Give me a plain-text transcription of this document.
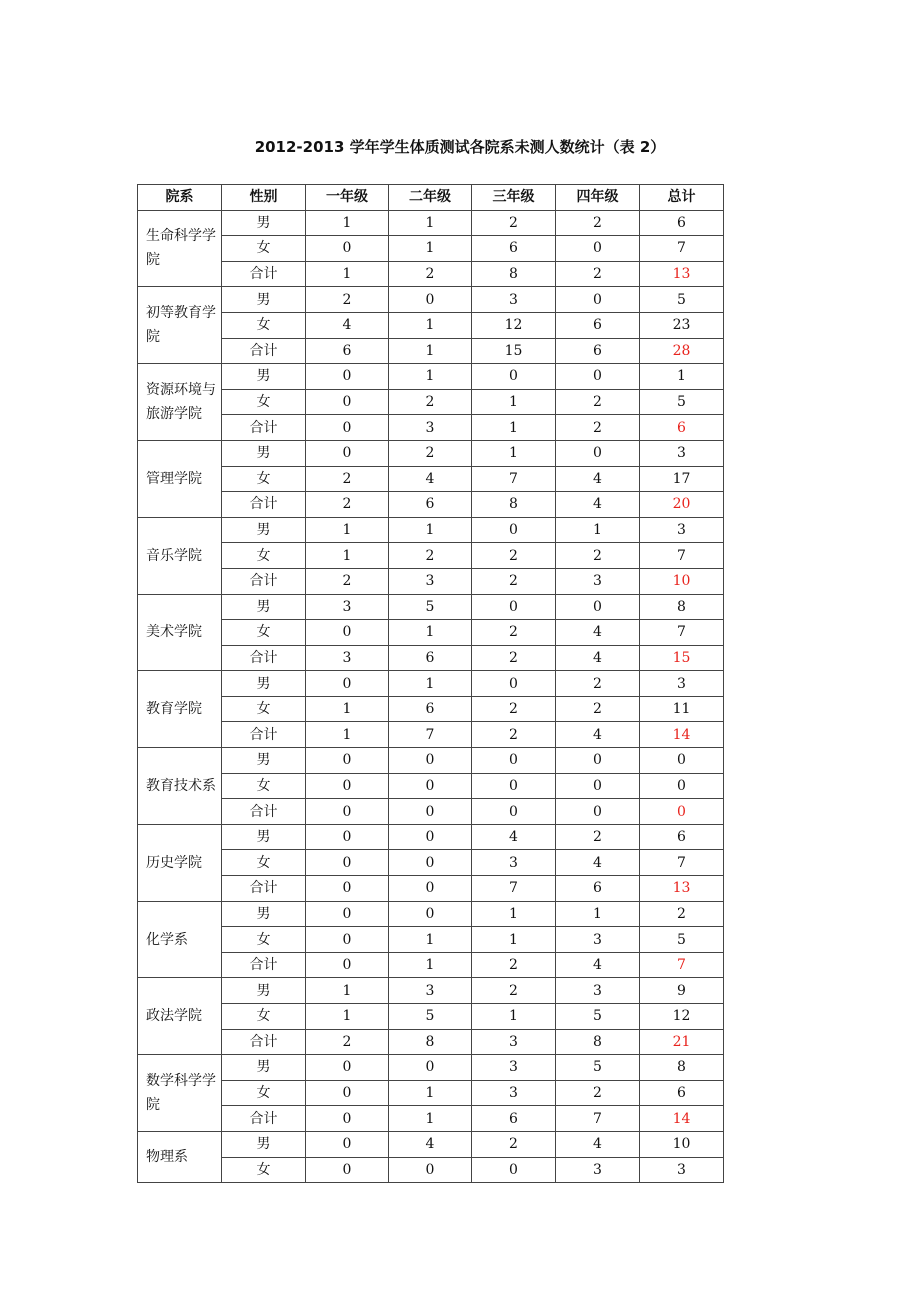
2012-2013 学年学生体质测试各院系未测人数统计（表 2）
院系	性别	一年级	二年级	三年级	四年级	总计
生命科学学院	男	1	1	2	2	6
	女	0	1	6	0	7
	合计	1	2	8	2	13
初等教育学院	男	2	0	3	0	5
	女	4	1	12	6	23
	合计	6	1	15	6	28
资源环境与旅游学院	男	0	1	0	0	1
	女	0	2	1	2	5
	合计	0	3	1	2	6
管理学院	男	0	2	1	0	3
	女	2	4	7	4	17
	合计	2	6	8	4	20
音乐学院	男	1	1	0	1	3
	女	1	2	2	2	7
	合计	2	3	2	3	10
美术学院	男	3	5	0	0	8
	女	0	1	2	4	7
	合计	3	6	2	4	15
教育学院	男	0	1	0	2	3
	女	1	6	2	2	11
	合计	1	7	2	4	14
教育技术系	男	0	0	0	0	0
	女	0	0	0	0	0
	合计	0	0	0	0	0
历史学院	男	0	0	4	2	6
	女	0	0	3	4	7
	合计	0	0	7	6	13
化学系	男	0	0	1	1	2
	女	0	1	1	3	5
	合计	0	1	2	4	7
政法学院	男	1	3	2	3	9
	女	1	5	1	5	12
	合计	2	8	3	8	21
数学科学学院	男	0	0	3	5	8
	女	0	1	3	2	6
	合计	0	1	6	7	14
物理系	男	0	4	2	4	10
	女	0	0	0	3	3
